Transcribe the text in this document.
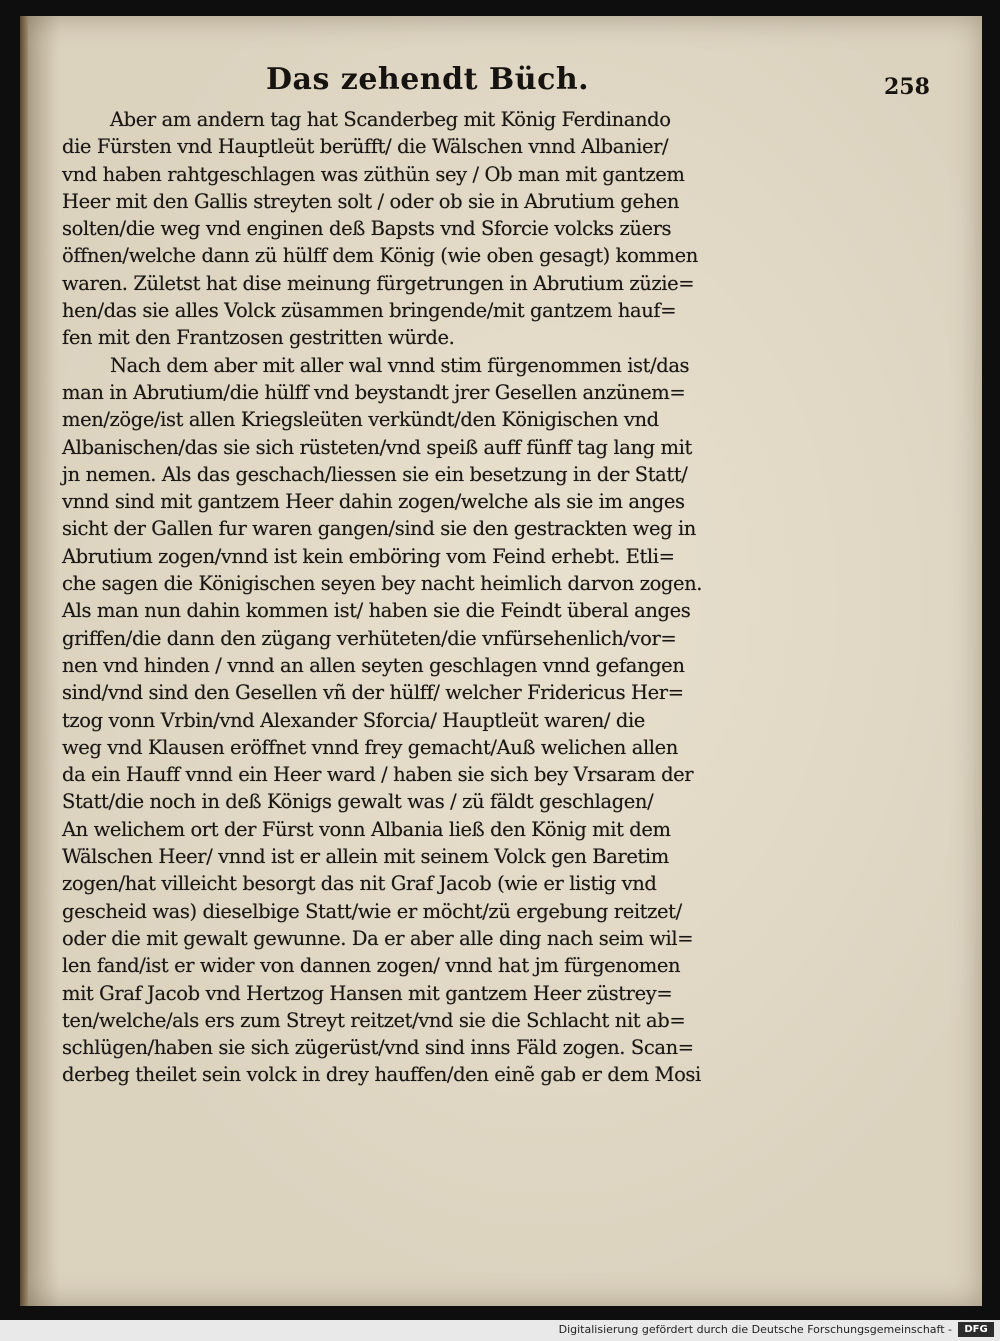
Das zehendt Büch.	258
Aber am andern tag hat Scanderbeg mit König Ferdinando
die Fürsten vnd Hauptleüt berüfft/ die Wälschen vnnd Albanier/
vnd haben rahtgeschlagen was züthün sey / Ob man mit gantzem
Heer mit den Gallis streyten solt / oder ob sie in Abrutium gehen
solten/die weg vnd enginen deß Bapsts vnd Sforcie volcks züers
öffnen/welche dann zü hülff dem König (wie oben gesagt) kommen
waren. Zületst hat dise meinung fürgetrungen in Abrutium züzie=
hen/das sie alles Volck züsammen bringende/mit gantzem hauf=
fen mit den Frantzosen gestritten würde.
Nach dem aber mit aller wal vnnd stim fürgenommen ist/das
man in Abrutium/die hülff vnd beystandt jrer Gesellen anzünem=
men/zöge/ist allen Kriegsleüten verkündt/den Königischen vnd
Albanischen/das sie sich rüsteten/vnd speiß auff fünff tag lang mit
jn nemen. Als das geschach/liessen sie ein besetzung in der Statt/
vnnd sind mit gantzem Heer dahin zogen/welche als sie im anges
sicht der Gallen fur waren gangen/sind sie den gestrackten weg in
Abrutium zogen/vnnd ist kein emböring vom Feind erhebt. Etli=
che sagen die Königischen seyen bey nacht heimlich darvon zogen.
Als man nun dahin kommen ist/ haben sie die Feindt überal anges
griffen/die dann den zügang verhüteten/die vnfürsehenlich/vor=
nen vnd hinden / vnnd an allen seyten geschlagen vnnd gefangen
sind/vnd sind den Gesellen vñ der hülff/ welcher Fridericus Her=
tzog vonn Vrbin/vnd Alexander Sforcia/ Hauptleüt waren/ die
weg vnd Klausen eröffnet vnnd frey gemacht/Auß welichen allen
da ein Hauff vnnd ein Heer ward / haben sie sich bey Vrsaram der
Statt/die noch in deß Königs gewalt was / zü fäldt geschlagen/
An welichem ort der Fürst vonn Albania ließ den König mit dem
Wälschen Heer/ vnnd ist er allein mit seinem Volck gen Baretim
zogen/hat villeicht besorgt das nit Graf Jacob (wie er listig vnd
gescheid was) dieselbige Statt/wie er möcht/zü ergebung reitzet/
oder die mit gewalt gewunne. Da er aber alle ding nach seim wil=
len fand/ist er wider von dannen zogen/ vnnd hat jm fürgenomen
mit Graf Jacob vnd Hertzog Hansen mit gantzem Heer züstrey=
ten/welche/als ers zum Streyt reitzet/vnd sie die Schlacht nit ab=
schlügen/haben sie sich zügerüst/vnd sind inns Fäld zogen. Scan=
derbeg theilet sein volck in drey hauffen/den einẽ gab er dem Mosi
Digitalisierung gefördert durch die Deutsche Forschungsgemeinschaft -	DFG
